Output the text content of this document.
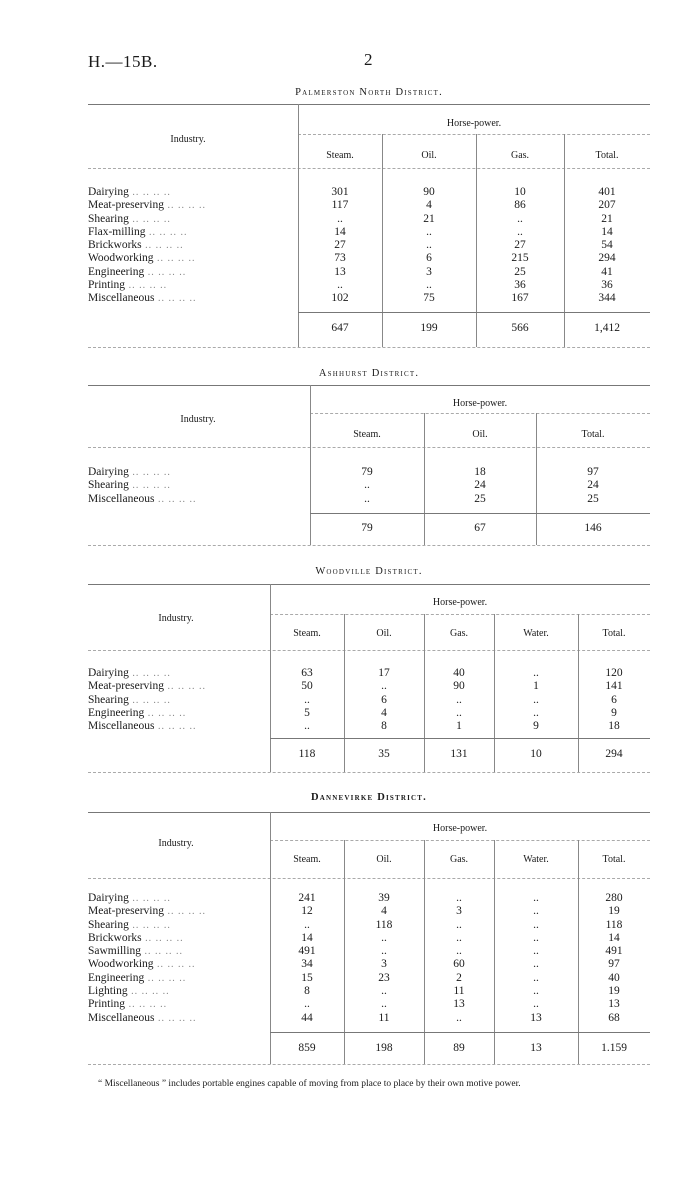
H.—15B.	2
Palmerston North District.
Industry.
Horse-power.
Steam.	Oil.	Gas.	Total.
Dairying .. .. .. ..	301	90	10	401
Meat-preserving .. .. .. ..	117	4	86	207
Shearing .. .. .. ..	..	21	..	21
Flax-milling .. .. .. ..	14	..	..	14
Brickworks .. .. .. ..	27	..	27	54
Woodworking .. .. .. ..	73	6	215	294
Engineering .. .. .. ..	13	3	25	41
Printing .. .. .. ..	..	..	36	36
Miscellaneous .. .. .. ..	102	75	167	344
647	199	566	1,412
Ashhurst District.
Industry.
Horse-power.
Steam.	Oil.	Total.
Dairying .. .. .. ..	79	18	97
Shearing .. .. .. ..	..	24	24
Miscellaneous .. .. .. ..	..	25	25
79	67	146
Woodville District.
Industry.
Horse-power.
Steam.	Oil.	Gas.	Water.	Total.
Dairying .. .. .. ..	63	17	40	..	120
Meat-preserving .. .. .. ..	50	..	90	1	141
Shearing .. .. .. ..	..	6	..	..	6
Engineering .. .. .. ..	5	4	..	..	9
Miscellaneous .. .. .. ..	..	8	1	9	18
118	35	131	10	294
Dannevirke District.
Industry.
Horse-power.
Steam.	Oil.	Gas.	Water.	Total.
Dairying .. .. .. ..	241	39	..	..	280
Meat-preserving .. .. .. ..	12	4	3	..	19
Shearing .. .. .. ..	..	118	..	..	118
Brickworks .. .. .. ..	14	..	..	..	14
Sawmilling .. .. .. ..	491	..	..	..	491
Woodworking .. .. .. ..	34	3	60	..	97
Engineering .. .. .. ..	15	23	2	..	40
Lighting .. .. .. ..	8	..	11	..	19
Printing .. .. .. ..	..	..	13	..	13
Miscellaneous .. .. .. ..	44	11	..	13	68
859	198	89	13	1.159
“ Miscellaneous ” includes portable engines capable of moving from place to place by their own motive power.
